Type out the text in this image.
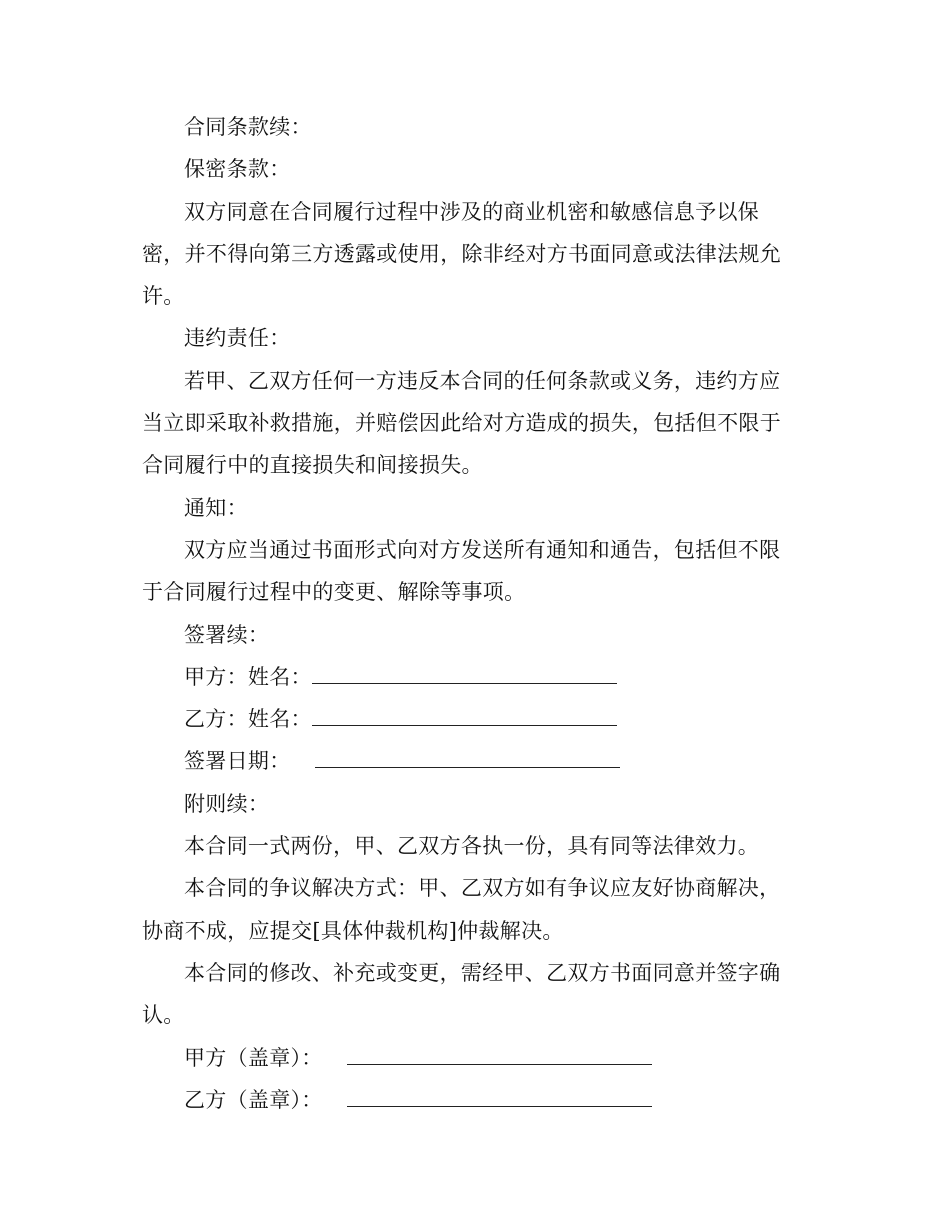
合同条款续：
保密条款：
双方同意在合同履行过程中涉及的商业机密和敏感信息予以保
密，并不得向第三方透露或使用，除非经对方书面同意或法律法规允
许。
违约责任：
若甲、乙双方任何一方违反本合同的任何条款或义务，违约方应
当立即采取补救措施，并赔偿因此给对方造成的损失，包括但不限于
合同履行中的直接损失和间接损失。
通知：
双方应当通过书面形式向对方发送所有通知和通告，包括但不限
于合同履行过程中的变更、解除等事项。
签署续：
甲方：姓名：
乙方：姓名：
签署日期：
附则续：
本合同一式两份，甲、乙双方各执一份，具有同等法律效力。
本合同的争议解决方式：甲、乙双方如有争议应友好协商解决，
协商不成，应提交[具体仲裁机构]仲裁解决。
本合同的修改、补充或变更，需经甲、乙双方书面同意并签字确
认。
甲方（盖章）：
乙方（盖章）：
